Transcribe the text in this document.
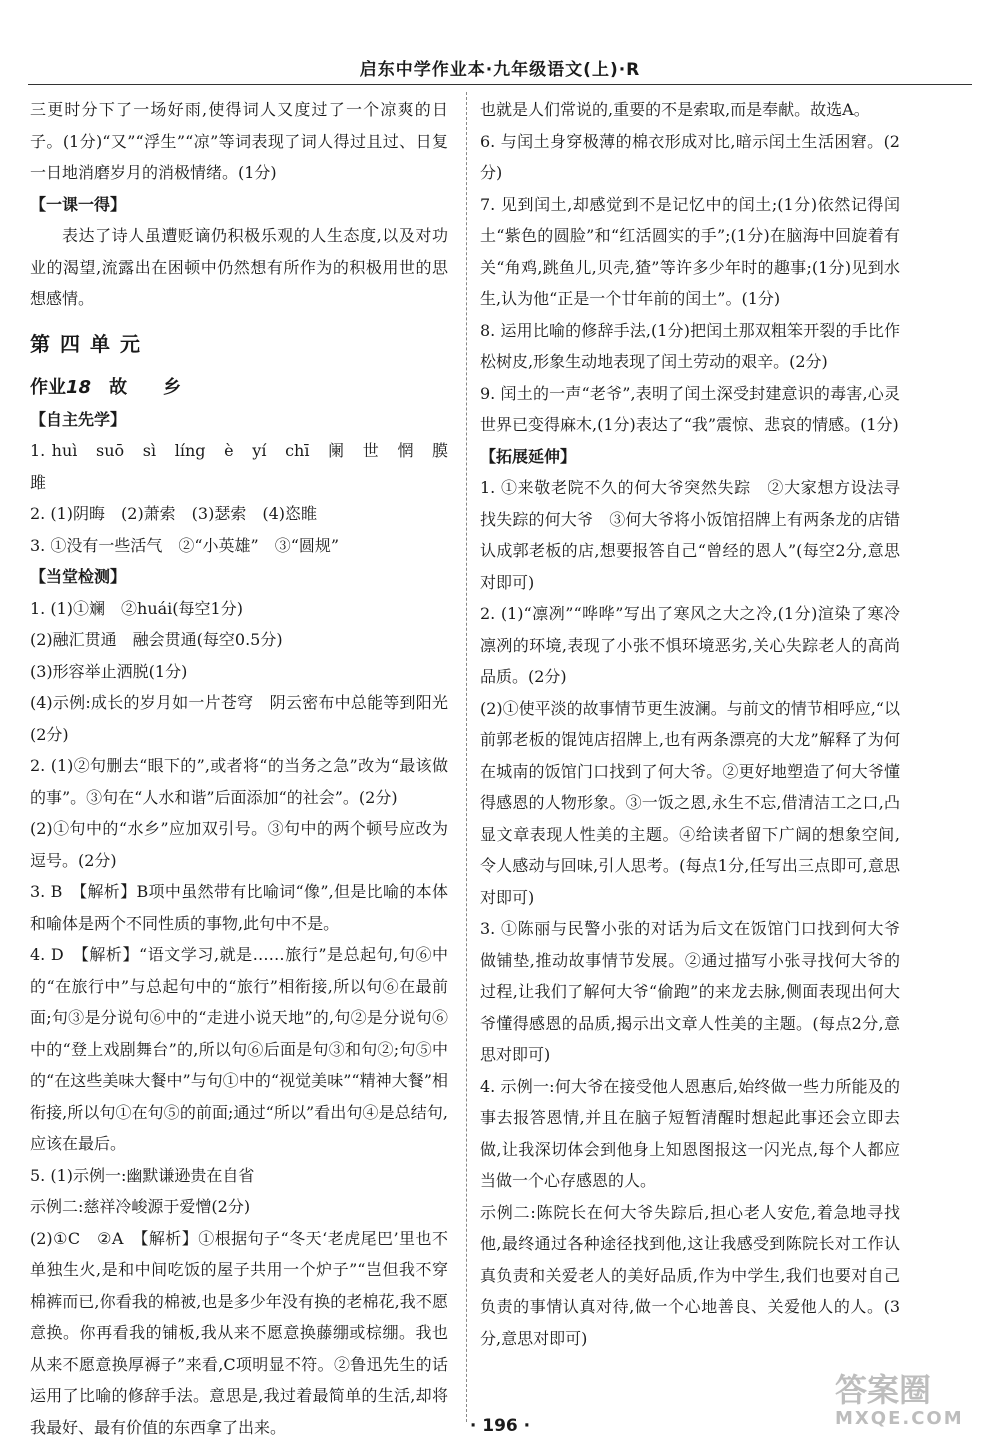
启东中学作业本·九年级语文(上)·R

三更时分下了一场好雨,使得词人又度过了一个凉爽的日子。(1分)“又”“浮生”“凉”等词表现了词人得过且过、日复一日地消磨岁月的消极情绪。(1分)

【一课一得】

表达了诗人虽遭贬谪仍积极乐观的人生态度,以及对功业的渴望,流露出在困顿中仍然想有所作为的积极用世的思想感情。

第四单元

作业18　 故　　乡

【自主先学】

1. huì　suō　sì　líng　è　yí　chī　阑　世　惘　膜　雎

2. (1)阴晦　(2)萧索　(3)瑟索　(4)恣睢

3. ①没有一些活气　②“小英雄”　③“圆规”

【当堂检测】

1. (1)①斓　②huái(每空1分)

(2)融汇贯通　融会贯通(每空0.5分)

(3)形容举止洒脱(1分)

(4)示例:成长的岁月如一片苍穹　阴云密布中总能等到阳光(2分)

2. (1)②句删去“眼下的”,或者将“的当务之急”改为“最该做的事”。③句在“人水和谐”后面添加“的社会”。(2分)

(2)①句中的“水乡”应加双引号。③句中的两个顿号应改为逗号。(2分)

3. B　【解析】B项中虽然带有比喻词“像”,但是比喻的本体和喻体是两个不同性质的事物,此句中不是。

4. D　【解析】“语文学习,就是……旅行”是总起句,句⑥中的“在旅行中”与总起句中的“旅行”相衔接,所以句⑥在最前面;句③是分说句⑥中的“走进小说天地”的,句②是分说句⑥中的“登上戏剧舞台”的,所以句⑥后面是句③和句②;句⑤中的“在这些美味大餐中”与句①中的“视觉美味”“精神大餐”相衔接,所以句①在句⑤的前面;通过“所以”看出句④是总结句,应该在最后。

5. (1)示例一:幽默谦逊贵在自省

示例二:慈祥冷峻源于爱憎(2分)

(2)①C　②A　【解析】①根据句子“冬天‘老虎尾巴’里也不单独生火,是和中间吃饭的屋子共用一个炉子”“岂但我不穿棉裤而已,你看我的棉被,也是多少年没有换的老棉花,我不愿意换。你再看我的铺板,我从来不愿意换藤绷或棕绷。我也从来不愿意换厚褥子”来看,C项明显不符。②鲁迅先生的话运用了比喻的修辞手法。意思是,我过着最简单的生活,却将我最好、最有价值的东西拿了出来。

也就是人们常说的,重要的不是索取,而是奉献。故选A。

6. 与闰土身穿极薄的棉衣形成对比,暗示闰土生活困窘。(2分)

7. 见到闰土,却感觉到不是记忆中的闰土;(1分)依然记得闰土“紫色的圆脸”和“红活圆实的手”;(1分)在脑海中回旋着有关“角鸡,跳鱼儿,贝壳,猹”等许多少年时的趣事;(1分)见到水生,认为他“正是一个廿年前的闰土”。(1分)

8. 运用比喻的修辞手法,(1分)把闰土那双粗笨开裂的手比作松树皮,形象生动地表现了闰土劳动的艰辛。(2分)

9. 闰土的一声“老爷”,表明了闰土深受封建意识的毒害,心灵世界已变得麻木,(1分)表达了“我”震惊、悲哀的情感。(1分)

【拓展延伸】

1. ①来敬老院不久的何大爷突然失踪　②大家想方设法寻找失踪的何大爷　③何大爷将小饭馆招牌上有两条龙的店错认成郭老板的店,想要报答自己“曾经的恩人”(每空2分,意思对即可)

2. (1)“凛冽”“哗哗”写出了寒风之大之冷,(1分)渲染了寒冷凛冽的环境,表现了小张不惧环境恶劣,关心失踪老人的高尚品质。(2分)

(2)①使平淡的故事情节更生波澜。与前文的情节相呼应,“以前郭老板的馄饨店招牌上,也有两条漂亮的大龙”解释了为何在城南的饭馆门口找到了何大爷。②更好地塑造了何大爷懂得感恩的人物形象。③一饭之恩,永生不忘,借清洁工之口,凸显文章表现人性美的主题。④给读者留下广阔的想象空间,令人感动与回味,引人思考。(每点1分,任写出三点即可,意思对即可)

3. ①陈丽与民警小张的对话为后文在饭馆门口找到何大爷做铺垫,推动故事情节发展。②通过描写小张寻找何大爷的过程,让我们了解何大爷“偷跑”的来龙去脉,侧面表现出何大爷懂得感恩的品质,揭示出文章人性美的主题。(每点2分,意思对即可)

4. 示例一:何大爷在接受他人恩惠后,始终做一些力所能及的事去报答恩情,并且在脑子短暂清醒时想起此事还会立即去做,让我深切体会到他身上知恩图报这一闪光点,每个人都应当做一个心存感恩的人。

示例二:陈院长在何大爷失踪后,担心老人安危,着急地寻找他,最终通过各种途径找到他,这让我感受到陈院长对工作认真负责和关爱老人的美好品质,作为中学生,我们也要对自己负责的事情认真对待,做一个心地善良、关爱他人的人。(3分,意思对即可)

· 196 ·
答案圈
MXQE.COM
